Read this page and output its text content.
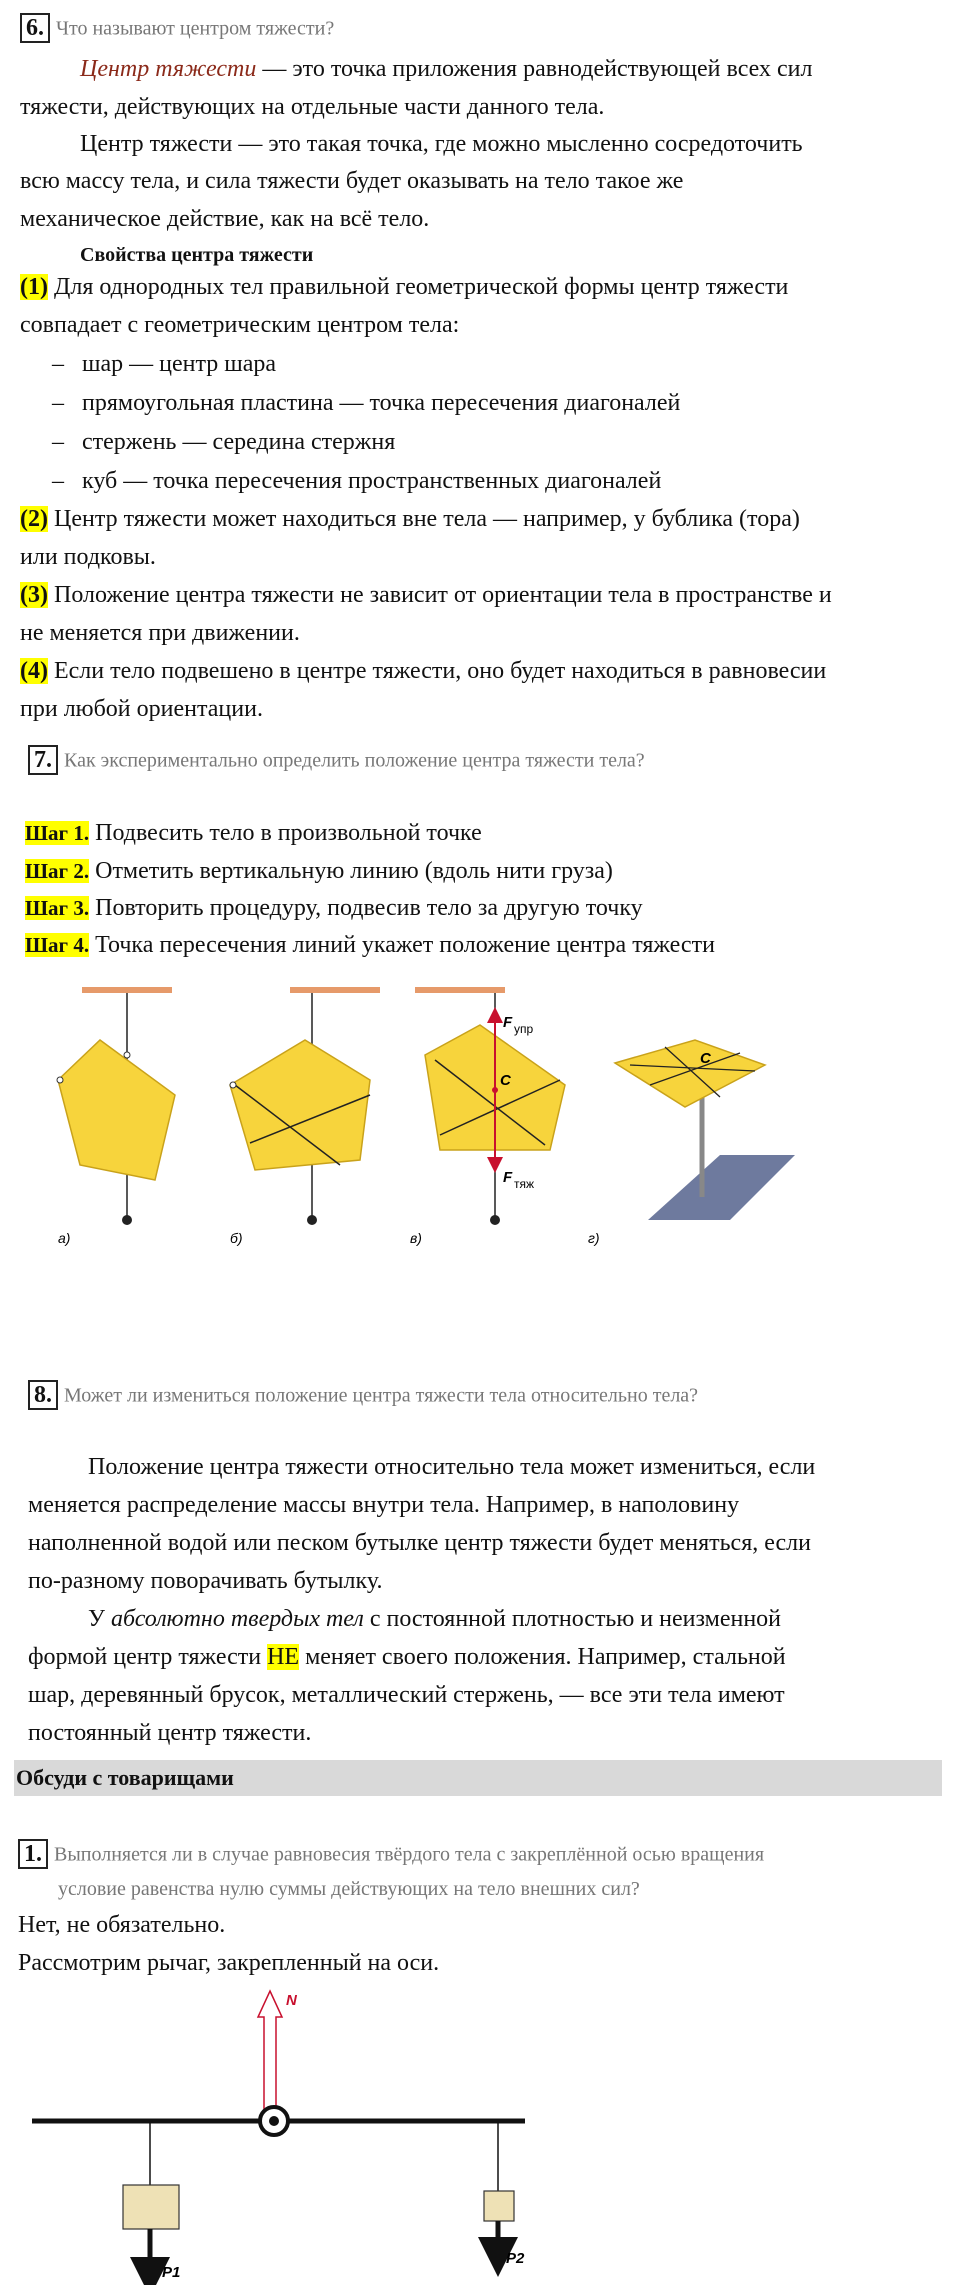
6. Что называют центром тяжести?
Центр тяжести — это точка приложения равнодействующей всех сил
тяжести, действующих на отдельные части данного тела.
Центр тяжести — это такая точка, где можно мысленно сосредоточить
всю массу тела, и сила тяжести будет оказывать на тело такое же
механическое действие, как на всё тело.
Свойства центра тяжести
(1) Для однородных тел правильной геометрической формы центр тяжести
совпадает с геометрическим центром тела:
– шар — центр шара
– прямоугольная пластина — точка пересечения диагоналей
– стержень — середина стержня
– куб — точка пересечения пространственных диагоналей
(2) Центр тяжести может находиться вне тела — например, у бублика (тора)
или подковы.
(3) Положение центра тяжести не зависит от ориентации тела в пространстве и
не меняется при движении.
(4) Если тело подвешено в центре тяжести, оно будет находиться в равновесии
при любой ориентации.
7. Как экспериментально определить положение центра тяжести тела?
Шаг 1. Подвесить тело в произвольной точке
Шаг 2. Отметить вертикальную линию (вдоль нити груза)
Шаг 3. Повторить процедуру, подвесив тело за другую точку
Шаг 4. Точка пересечения линий укажет положение центра тяжести
а)	б)
C
F упр
F тяж
в)
C
г)
8. Может ли измениться положение центра тяжести тела относительно тела?
Положение центра тяжести относительно тела может измениться, если
меняется распределение массы внутри тела. Например, в наполовину
наполненной водой или песком бутылке центр тяжести будет меняться, если
по-разному поворачивать бутылку.
У абсолютно твердых тел с постоянной плотностью и неизменной
формой центр тяжести НЕ меняет своего положения. Например, стальной
шар, деревянный брусок, металлический стержень, — все эти тела имеют
постоянный центр тяжести.
Обсуди с товарищами
1. Выполняется ли в случае равновесия твёрдого тела с закреплённой осью вращения
условие равенства нулю суммы действующих на тело внешних сил?
Нет, не обязательно.
Рассмотрим рычаг, закрепленный на оси.
N
P1
P2
